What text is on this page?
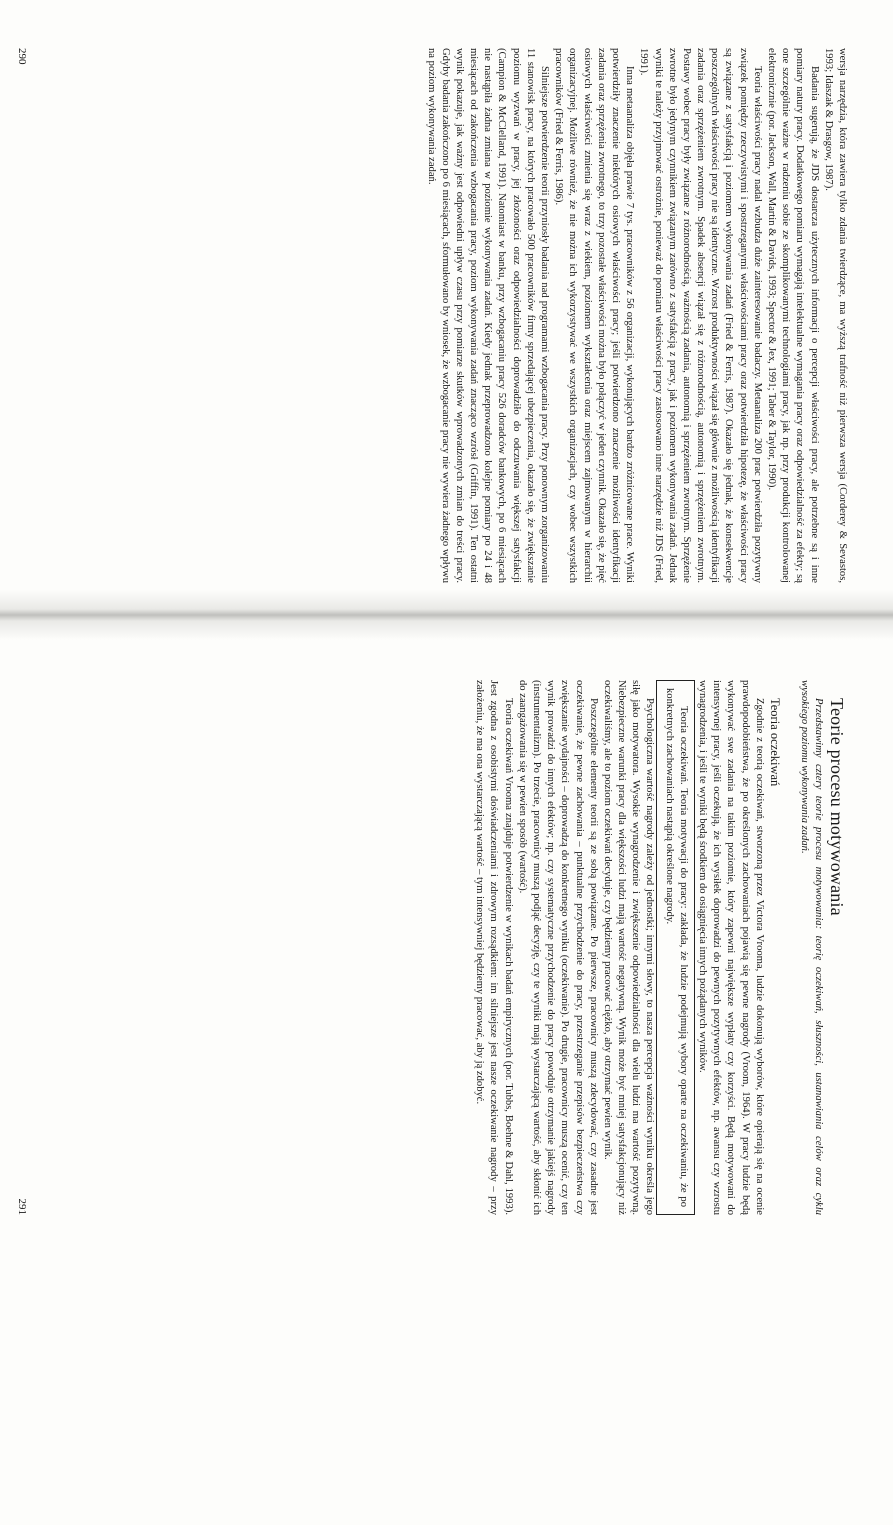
wersja narzędzia, która zawiera tylko zdania twierdzące, ma wyższą trafność niż pierwsza wersja (Corderey & Sevastos, 1993; Idaszak & Drasgow, 1987).

Badania sugerują, że JDS dostarcza użytecznych informacji o percepcji właściwości pracy, ale potrzebne są i inne pomiary natury pracy. Dodatkowego pomiaru wymagają intelektualne wymagania pracy oraz odpowiedzialność za efekty; są one szczególnie ważne w radzeniu sobie ze skomplikowanymi technologiami pracy, jak np. przy produkcji kontrolowanej elektronicznie (por. Jackson, Wall, Martin & Davids, 1993; Spector & Jex, 1991; Taber & Taylor, 1990).

Teoria właściwości pracy nadal wzbudza duże zainteresowanie badaczy. Metaanaliza 200 prac potwierdziła pozytywny związek pomiędzy rzeczywistymi i spostrzeganymi właściwościami pracy oraz potwierdziła hipotezę, że właściwości pracy są związane z satysfakcją i poziomem wykonywania zadań (Fried & Ferris, 1987). Okazało się jednak, że konsekwencje poszczególnych właściwości pracy nie są identyczne. Wzrost produktywności wiązał się głównie z możliwością identyfikacji zadania oraz sprzężeniem zwrotnym. Spadek absencji wiązał się z różnorodnością, autonomią i sprzężeniem zwrotnym. Postawy wobec pracy były związane z różnorodnością, ważnością zadania, autonomią i sprzężeniem zwrotnym. Sprzężenie zwrotne było jedynym czynnikiem związanym zarówno z satysfakcją z pracy, jak i poziomem wykonywania zadań. Jednak wyniki te należy przyjmować ostrożnie, ponieważ do pomiaru właściwości pracy zastosowano inne narzędzie niż JDS (Fried, 1991).

Inna metaanaliza objęła prawie 7 tys. pracowników z 56 organizacji, wykonujących bardzo zróżnicowane prace. Wyniki potwierdziły znaczenie niektórych osiowych właściwości pracy; jeśli potwierdzono znaczenie możliwości identyfikacji zadania oraz sprzężenia zwrotnego, to trzy pozostałe właściwości można było połączyć w jeden czynnik. Okazało się, że pięć osiowych właściwości zmienia się wraz z wiekiem, poziomem wykształcenia oraz miejscem zajmowanym w hierarchii organizacyjnej. Możliwe również, że nie można ich wykorzystywać we wszystkich organizacjach, czy wobec wszystkich pracowników (Fried & Ferris, 1986).

Silniejsze potwierdzenie teorii przyniosły badania nad programami wzbogacania pracy. Przy ponownym zorganizowaniu 11 stanowisk pracy, na których pracowało 500 pracowników firmy sprzedającej ubezpieczenia, okazało się, że zwiększanie poziomu wyzwań w pracy, jej złożoności oraz odpowiedzialności doprowadziło do odczuwania większej satysfakcji (Campion & McClelland, 1991). Natomiast w banku, przy wzbogacaniu pracy 526 doradców bankowych, po 6 miesiącach nie nastąpiła żadna zmiana w poziomie wykonywania zadań. Kiedy jednak przeprowadzono kolejne pomiary po 24 i 48 miesiącach od zakończenia wzbogacania pracy, poziom wykonywania zadań znacząco wzrósł (Griffin, 1991). Ten ostatni wynik pokazuje, jak ważny jest odpowiedni upływ czasu przy pomiarze skutków wprowadzonych zmian do treści pracy. Gdyby badania zakończono po 6 miesiącach, sformułowano by wniosek, że wzbogacanie pracy nie wywiera żadnego wpływu na poziom wykonywania zadań.

290

Teorie procesu motywowania

Przedstawimy cztery teorie procesu motywowania: teorię oczekiwań, słuszności, ustanawiania celów oraz cyklu wysokiego poziomu wykonywania zadań.

Teoria oczekiwań

Zgodnie z teorią oczekiwań, stworzoną przez Victora Vrooma, ludzie dokonują wyborów, które opierają się na ocenie prawdopodobieństwa, że po określonych zachowaniach pojawią się pewne nagrody (Vroom, 1964). W pracy ludzie będą wykonywać swe zadania na takim poziomie, który zapewni największe wypłaty czy korzyści. Będą motywowani do intensywnej pracy, jeśli oczekują, że ich wysiłek doprowadzi do pewnych pozytywnych efektów, np. awansu czy wzrostu wynagrodzenia, i jeśli te wyniki będą środkiem do osiągnięcia innych pożądanych wyników.

Teoria oczekiwań. Teoria motywacji do pracy: zakłada, że ludzie podejmują wybory oparte na oczekiwaniu, że po konkretnych zachowaniach nastąpią określone nagrody.

Psychologiczna wartość nagrody zależy od jednostki; innymi słowy, to nasza percepcja ważności wyniku określa jego siłę jako motywatora. Wysokie wynagrodzenie i zwiększenie odpowiedzialności dla wielu ludzi ma wartość pozytywną. Niebezpieczne warunki pracy dla większości ludzi mają wartość negatywną. Wynik może być mniej satysfakcjonujący niż oczekiwaliśmy, ale to poziom oczekiwań decyduje, czy będziemy pracować ciężko, aby otrzymać pewien wynik.

Poszczególne elementy teorii są ze sobą powiązane. Po pierwsze, pracownicy muszą zdecydować, czy zasadne jest oczekiwanie, że pewne zachowania – punktualne przychodzenie do pracy, przestrzeganie przepisów bezpieczeństwa czy zwiększanie wydajności – doprowadzą do konkretnego wyniku (oczekiwanie). Po drugie, pracownicy muszą ocenić, czy ten wynik prowadzi do innych efektów; np. czy systematyczne przychodzenie do pracy powoduje otrzymanie jakiejś nagrody (instrumentalizm). Po trzecie, pracownicy muszą podjąć decyzję, czy te wyniki mają wystarczającą wartość, aby skłonić ich do zaangażowania się w pewien sposób (wartość).

Teoria oczekiwań Vrooma znajduje potwierdzenie w wynikach badań empirycznych (por. Tubbs, Boehne & Dahl, 1993). Jest zgodna z osobistymi doświadczeniami i zdrowym rozsądkiem: im silniejsze jest nasze oczekiwanie nagrody – przy założeniu, że ma ona wystarczającą wartość – tym intensywniej będziemy pracować, aby ją zdobyć.

291
